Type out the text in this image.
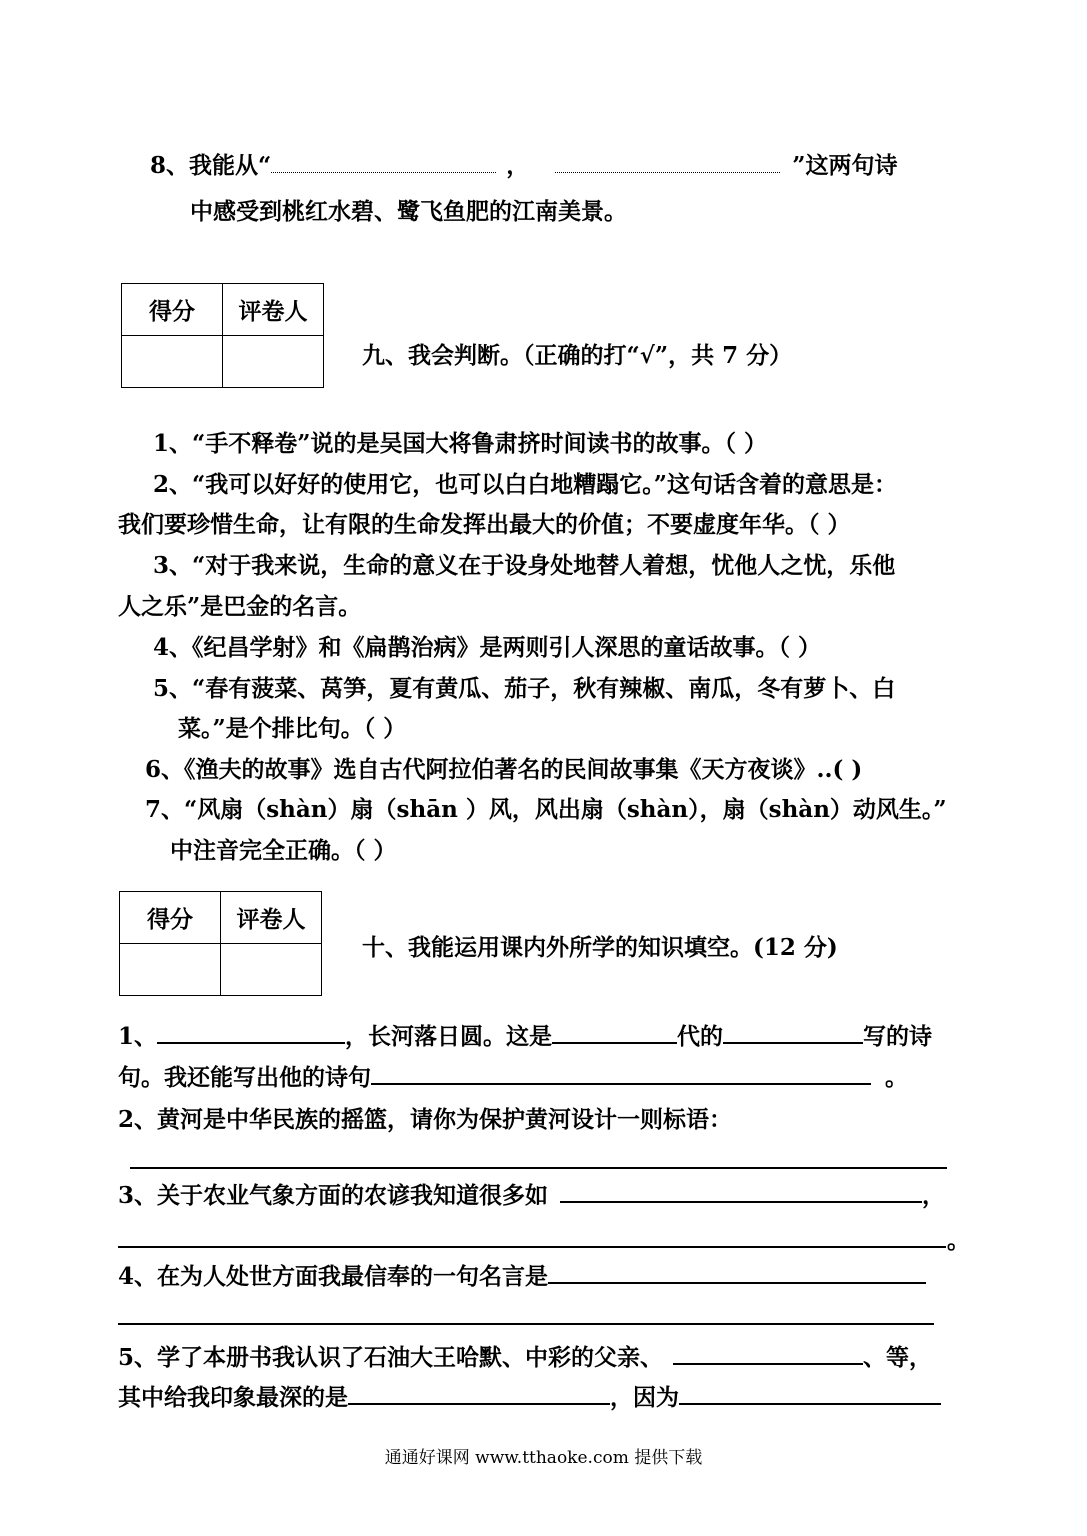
8、我能从“	，	”这两句诗
中感受到桃红水碧、鹭飞鱼肥的江南美景。
得分	评卷人

九、我会判断。（正确的打“√”，共 7 分）
1、“手不释卷”说的是吴国大将鲁肃挤时间读书的故事。（ ）
2、“我可以好好的使用它，也可以白白地糟蹋它。”这句话含着的意思是：
我们要珍惜生命，让有限的生命发挥出最大的价值；不要虚度年华。（ ）
3、“对于我来说，生命的意义在于设身处地替人着想，忧他人之忧，乐他
人之乐”是巴金的名言。
4、《纪昌学射》和《扁鹊治病》是两则引人深思的童话故事。（ ）
5、“春有菠菜、莴笋，夏有黄瓜、茄子，秋有辣椒、南瓜，冬有萝卜、白
菜。”是个排比句。（ ）
6、《渔夫的故事》选自古代阿拉伯著名的民间故事集《天方夜谈》..( )
7、“风扇（shàn）扇（shān ）风，风出扇（shàn），扇（shàn）动风生。”
中注音完全正确。（ ）
得分	评卷人

十、我能运用课内外所学的知识填空。(12 分)
1、	，长河落日圆。这是	代的	写的诗
句。我还能写出他的诗句	。
2、黄河是中华民族的摇篮，请你为保护黄河设计一则标语：
3、关于农业气象方面的农谚我知道很多如	，
。
4、在为人处世方面我最信奉的一句名言是
5、学了本册书我认识了石油大王哈默、中彩的父亲、	、等，
其中给我印象最深的是	，因为
通通好课网 www.tthaoke.com 提供下载
